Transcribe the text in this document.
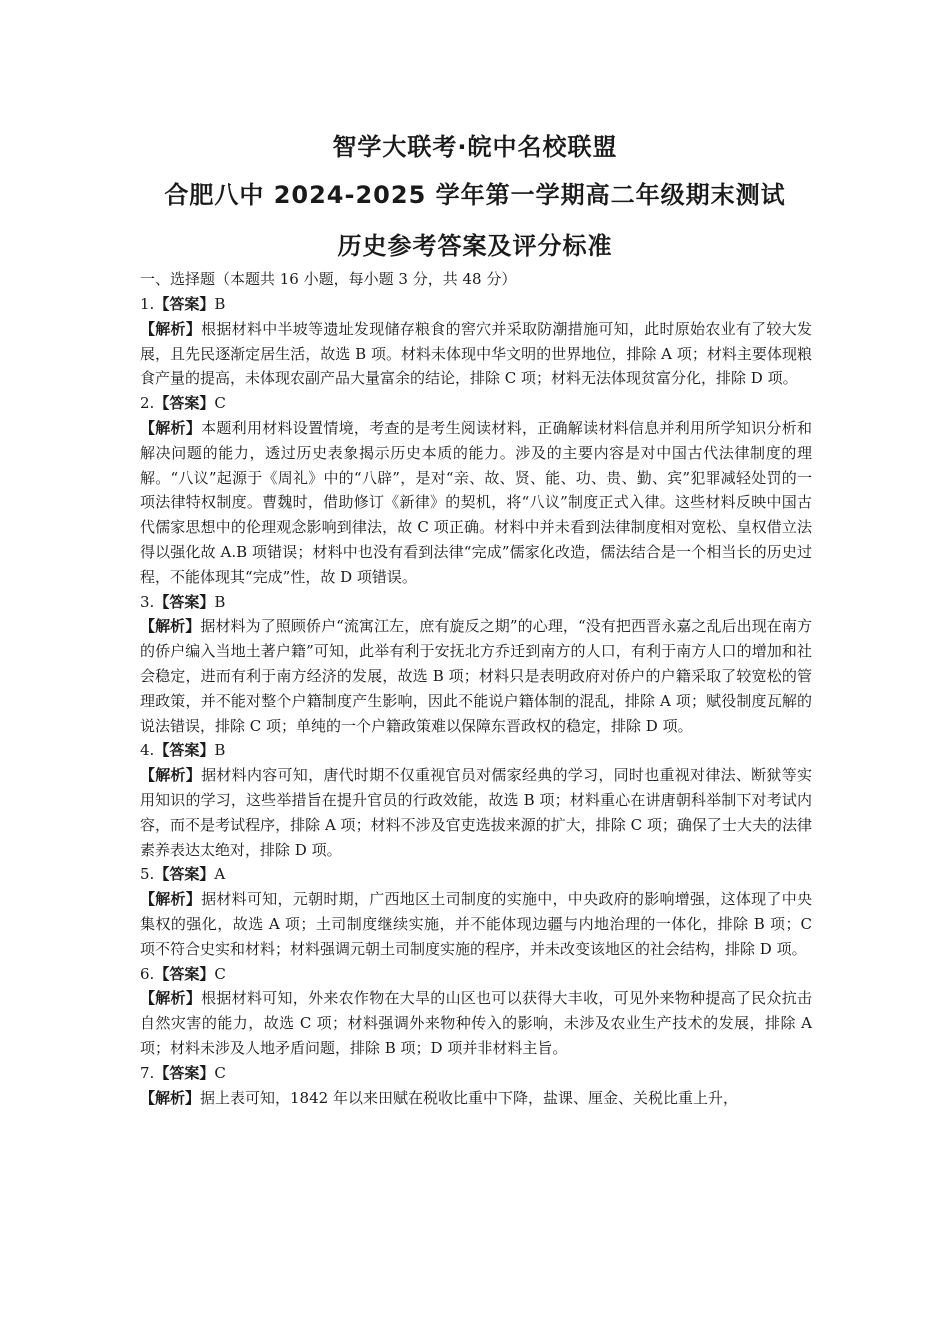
智学大联考·皖中名校联盟
合肥八中 2024-2025 学年第一学期高二年级期末测试
历史参考答案及评分标准
一、选择题（本题共 16 小题，每小题 3 分，共 48 分）
1.【答案】B
【解析】根据材料中半坡等遗址发现储存粮食的窖穴并采取防潮措施可知，此时原始农业有了较大发展，且先民逐渐定居生活，故选 B 项。材料未体现中华文明的世界地位，排除 A 项；材料主要体现粮食产量的提高，未体现农副产品大量富余的结论，排除 C 项；材料无法体现贫富分化，排除 D 项。
2.【答案】C
【解析】本题利用材料设置情境，考查的是考生阅读材料，正确解读材料信息并利用所学知识分析和解决问题的能力，透过历史表象揭示历史本质的能力。涉及的主要内容是对中国古代法律制度的理解。“八议”起源于《周礼》中的“八辟”，是对“亲、故、贤、能、功、贵、勤、宾”犯罪减轻处罚的一项法律特权制度。曹魏时，借助修订《新律》的契机，将“八议”制度正式入律。这些材料反映中国古代儒家思想中的伦理观念影响到律法，故 C 项正确。材料中并未看到法律制度相对宽松、皇权借立法得以强化故 A.B 项错误；材料中也没有看到法律“完成”儒家化改造，儒法结合是一个相当长的历史过程，不能体现其“完成”性，故 D 项错误。
3.【答案】B
【解析】据材料为了照顾侨户“流寓江左，庶有旋反之期”的心理，“没有把西晋永嘉之乱后出现在南方的侨户编入当地土著户籍”可知，此举有利于安抚北方乔迁到南方的人口，有利于南方人口的增加和社会稳定，进而有利于南方经济的发展，故选 B 项；材料只是表明政府对侨户的户籍采取了较宽松的管理政策，并不能对整个户籍制度产生影响，因此不能说户籍体制的混乱，排除 A 项；赋役制度瓦解的说法错误，排除 C 项；单纯的一个户籍政策难以保障东晋政权的稳定，排除 D 项。
4.【答案】B
【解析】据材料内容可知，唐代时期不仅重视官员对儒家经典的学习，同时也重视对律法、断狱等实用知识的学习，这些举措旨在提升官员的行政效能，故选 B 项；材料重心在讲唐朝科举制下对考试内容，而不是考试程序，排除 A 项；材料不涉及官吏选拔来源的扩大，排除 C 项；确保了士大夫的法律素养表达太绝对，排除 D 项。
5.【答案】A
【解析】据材料可知，元朝时期，广西地区土司制度的实施中，中央政府的影响增强，这体现了中央集权的强化，故选 A 项；土司制度继续实施，并不能体现边疆与内地治理的一体化，排除 B 项；C 项不符合史实和材料；材料强调元朝土司制度实施的程序，并未改变该地区的社会结构，排除 D 项。
6.【答案】C
【解析】根据材料可知，外来农作物在大旱的山区也可以获得大丰收，可见外来物种提高了民众抗击自然灾害的能力，故选 C 项；材料强调外来物种传入的影响，未涉及农业生产技术的发展，排除 A 项；材料未涉及人地矛盾问题，排除 B 项；D 项并非材料主旨。
7.【答案】C
【解析】据上表可知，1842 年以来田赋在税收比重中下降，盐课、厘金、关税比重上升，
